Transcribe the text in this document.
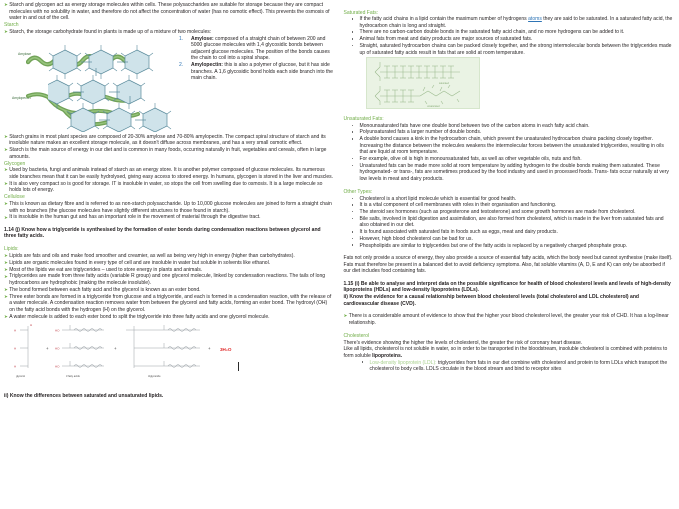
➤ Starch and glycogen act as energy storage molecules within cells. These polysaccharides are suitable for storage because they are compact molecules with no solubility in water, and therefore do not affect the concentration of water (has no osmotic effect). This prevents the osmosis of water in and out of the cell.
Starch
➤ Starch, the storage carbohydrate found in plants is made up of a mixture of two molecules:
1. Amylose: composed of a straight chain of between 200 and 5000 glucose molecules with 1,4 glycosidic bonds between adjacent glucose molecules. The position of the bonds causes the chain to coil into a spiral shape.
2. Amylopectin: this is also a polymer of glucose, but it has side branches. A 1,6 glycosidic bond holds each side branch into the main chain.
Amylose
Amylopectin
➤ Starch grains in most plant species are composed of 20-30% amylose and 70-80% amylopectin. The compact spiral structure of starch and its insoluble nature makes an excellent storage molecule, as it doesn't diffuse across membranes, and has a very small osmotic effect.
➤ Starch is the main source of energy in our diet and is common in many foods, occurring naturally in fruit, vegetables and cereals, often in large amounts.
Glycogen
➤ Used by bacteria, fungi and animals instead of starch as an energy store. It is another polymer composed of glucose molecules. Its numerous side branches mean that it can be easily hydrolysed, giving easy access to stored energy. In humans, glycogen is stored in the liver and muscles.
➤ It is also very compact so is good for storage. IT is insoluble in water, so stops the cell from swelling due to osmosis. It is a large molecule so holds lots of energy.
Cellulose
➤ This is known as dietary fibre and is referred to as non-starch polysaccharide. Up to 10,000 glucose molecules are joined to form a straight chain with no branches (the glucose molecules have slightly different structures to those found in starch).
➤ It is insoluble in the human gut and has an important role in the movement of material through the digestive tract.
1.14 (j) Know how a triglyceride is synthesised by the formation of ester bonds during condensation reactions between glycerol and three fatty acids.
Lipids:
➤ Lipids are fats and oils and make food smoother and creamier, as well as being very high in energy (higher than carbohydrates).
➤ Lipids are organic molecules found in every type of cell and are insoluble in water but soluble in solvents like ethanol.
➤ Most of the lipids we eat are triglycerides – used to store energy in plants and animals.
➤ Triglycerides are made from three fatty acids (variable R group) and one glycerol molecule, linked by condensation reactions. The tails of long hydrocarbons are hydrophobic (making the molecule insoluble).
➤ The bond formed between each fatty acid and the glycerol is known as an ester bond.
➤ Three ester bonds are formed in a triglyceride from glucose and a triglyceride, and each is formed in a condensation reaction, with the release of a water molecule. A condensation reaction removes water from between the glycerol and fatty acids, forming an ester bond. The hydroxyl (OH) on the fatty acid bonds with the hydrogen (H) on the glycerol.
➤ A water molecule is added to each ester bond to split the triglyceride into three fatty acids and one glycerol molecule.
H
H
H
H
HO
HO
HO
+	+	+ 3H₂O
glycerol	3 fatty acids	triglyceride
ii) Know the differences between saturated and unsaturated lipids.
Saturated Fats:
If the fatty acid chains in a lipid contain the maximum number of hydrogens atoms they are said to be saturated. In a saturated fatty acid, the hydrocarbon chain is long and straight.
There are no carbon-carbon double bonds in the saturated fatty acid chain, and no more hydrogens can be added to it.
Animal fats from meat and dairy products are major sources of saturated fats.
Straight, saturated hydrocarbon chains can be packed closely together, and the strong intermolecular bonds between the triglycerides made up of saturated fatty acids result in fats that are solid at room temperature.
saturated
unsaturated
Unsaturated Fats:
Monounsaturated fats have one double bond between two of the carbon atoms in each fatty acid chain.
Polyunsaturated fats a larger number of double bonds.
A double bond causes a kink in the hydrocarbon chain, which prevent the unsaturated hydrocarbon chains packing closely together. Increasing the distance between the molecules weakens the intermolecular forces between the unsaturated triglycerides, resulting in oils that are liquid at room temperature.
For example, olive oil is high in monounsaturated fats, as well as other vegetable oils, nuts and fish.
Unsaturated fats can be made more solid at room temperature by adding hydrogen to the double bonds making them saturated. These hydrogenated- or trans-, fats are sometimes produced by the food industry and used in processed foods. Trans- fats occur naturally at very low levels in meat and dairy products.
Other Types:
Cholesterol is a short lipid molecule which is essential for good health.
It is a vital component of cell membranes with roles in their organisation and functioning.
The steroid sex hormones (such as progesterone and testosterone) and some growth hormones are made from cholesterol.
Bile salts, involved in lipid digestion and assimilation, are also formed from cholesterol, which is made in the liver from saturated fats and also obtained in our diet.
It is found associated with saturated fats in foods such as eggs, meat and dairy products.
However, high blood cholesterol can be bad for us.
Phospholipids are similar to triglycerides but one of the fatty acids is replaced by a negatively charged phosphate group.
Fats not only provide a source of energy, they also provide a source of essential fatty acids, which the body need but cannot synthesise (make itself). Fats must therefore be present in a balanced diet to avoid deficiency symptoms. Also, fat soluble vitamins (A, D, E and K) can only be absorbed if our diet includes food containing fats.
1.15 (i) Be able to analyse and interpret data on the possible significance for health of blood cholesterol levels and levels of high-density lipoproteins (HDLs) and low-density lipoproteins (LDLs).
ii) Know the evidence for a causal relationship between blood cholesterol levels (total cholesterol and LDL cholesterol) and cardiovascular disease (CVD).
➤ There is a considerable amount of evidence to show that the higher your blood cholesterol level, the greater your risk of CHD. It has a log-linear relationship.
Cholesterol
There's evidence showing the higher the levels of cholesterol, the greater the risk of coronary heart disease.
Like all lipids, cholesterol is not soluble in water, so in order to be transported in the bloodstream, insoluble cholesterol is combined with proteins to form soluble lipoproteins.
Low-density lipoprotein (LDL): triglycerides from fats in our diet combine with cholesterol and protein to form LDLs which transport the cholesterol to body cells. LDLS circulate in the blood stream and bind to receptor sites
